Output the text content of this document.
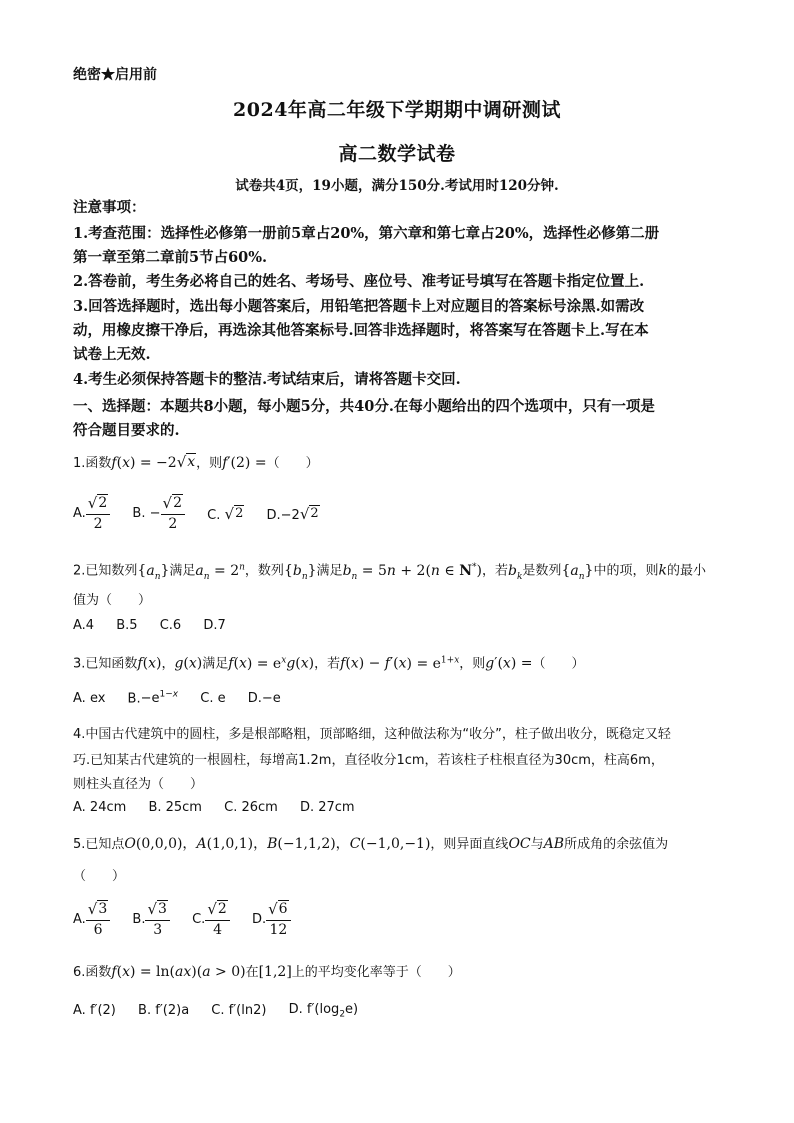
绝密★启用前
2024年高二年级下学期期中调研测试
高二数学试卷
试卷共4页，19小题，满分150分.考试用时120分钟.
注意事项：
1.考查范围：选择性必修第一册前5章占20%，第六章和第七章占20%，选择性必修第二册
第一章至第二章前5节占60%.
2.答卷前，考生务必将自己的姓名、考场号、座位号、准考证号填写在答题卡指定位置上.
3.回答选择题时，选出每小题答案后，用铅笔把答题卡上对应题目的答案标号涂黑.如需改
动，用橡皮擦干净后，再选涂其他答案标号.回答非选择题时，将答案写在答题卡上.写在本
试卷上无效.
4.考生必须保持答题卡的整洁.考试结束后，请将答题卡交回.
一、选择题：本题共8小题，每小题5分，共40分.在每小题给出的四个选项中，只有一项是
符合题目要求的.
1.函数f(x) = −2 √ x ，则f′(2) =（　　）
A. $\frac{√ 2}{2} B$. − $\frac{√ 2}{2} C$. √ 2 D.−2 √ 2
2.已知数列$\{a_n\}$满足$a_n = 2^n$，数列$\{b_n\}$满足$b_n = 5n + 2(n$ ∈ N*)，若$b_k$是数列$\{a_n\}$中的项，则k的最小
值为（　　）
A.4 B.5 C.6 D.7
3.已知函数f(x)，g(x)满足$f(x) = e^xg(x)$，若$f(x) - f'(x) = e^{1+x}$，则g′(x) =（　　）
A. ex $B.-e^{1-x}$ C. e D.−e
4.中国古代建筑中的圆柱，多是根部略粗，顶部略细，这种做法称为“收分”，柱子做出收分，既稳定又轻
巧.已知某古代建筑的一根圆柱，每增高1.2m，直径收分1cm，若该柱子柱根直径为30cm，柱高6m，
则柱头直径为（　　）
A. 24cm B. 25cm C. 26cm D. 27cm
5.已知点O(0,0,0)，A(1,0,1)，B(−1,1,2)，C(−1,0,−1)，则异面直线OC与AB所成角的余弦值为
（　　）
A. $\frac{√ 3}{6} B$. $\frac{√ 3}{3} C$. $\frac{√ 2}{4} D$. $\frac{√ 6}{12}$
6.函数f(x) = ln(ax)(a > 0)在[1,2]上的平均变化率等于（　　）
A. f′(2) B. f′(2)a C. f′(ln2) D. $f'(\log_2e)$
